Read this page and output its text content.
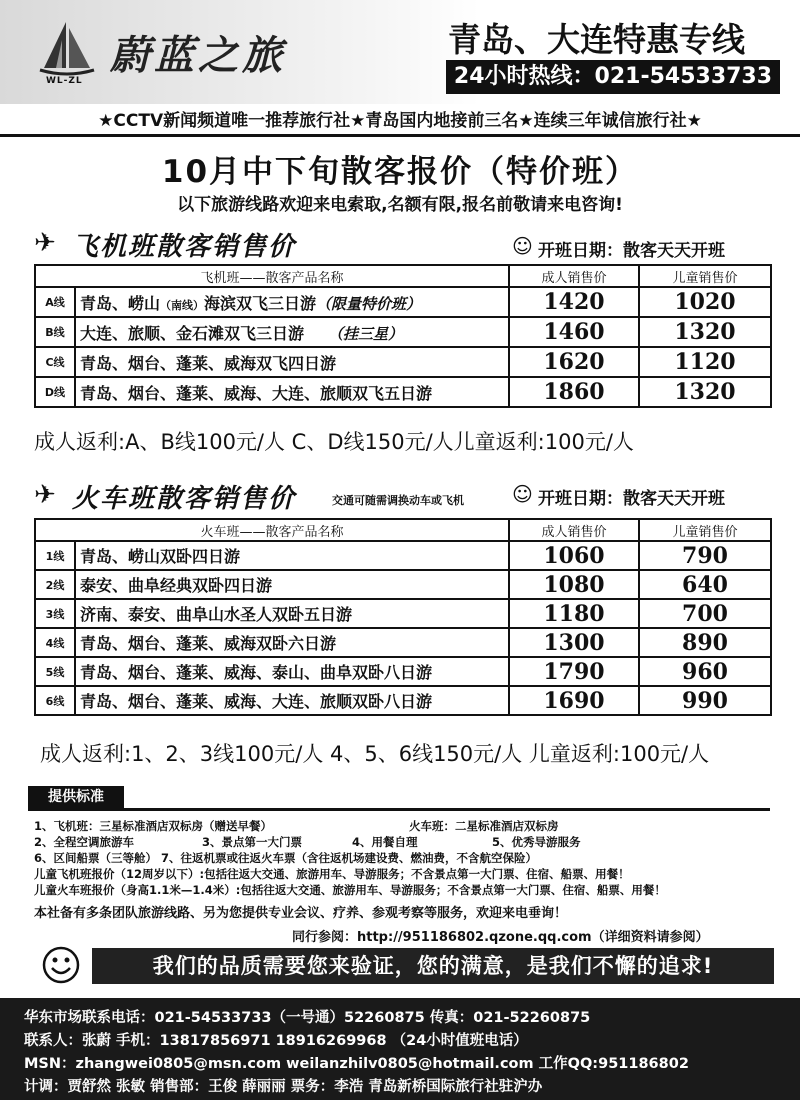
蔚蓝之旅
WL-ZL
青岛、大连特惠专线
24小时热线：021-54533733
★CCTV新闻频道唯一推荐旅行社★青岛国内地接前三名★连续三年诚信旅行社★
10月中下旬散客报价（特价班）
以下旅游线路欢迎来电索取,名额有限,报名前敬请来电咨询!
✈ 飞机班散客销售价	☺ 开班日期：散客天天开班
飞机班——散客产品名称		成人销售价	儿童销售价
A线	青岛、崂山（南线）海滨双飞三日游（限量特价班）	1420	1020
B线	大连、旅顺、金石滩双飞三日游 （挂三星）	1460	1320
C线	青岛、烟台、蓬莱、威海双飞四日游	1620	1120
D线	青岛、烟台、蓬莱、威海、大连、旅顺双飞五日游	1860	1320
成人返利:A、B线100元/人 C、D线150元/人儿童返利:100元/人
✈ 火车班散客销售价	交通可随需调换动车或飞机 ☺ 开班日期：散客天天开班
火车班——散客产品名称		成人销售价	儿童销售价
1线	青岛、崂山双卧四日游	1060	790
2线	泰安、曲阜经典双卧四日游	1080	640
3线	济南、泰安、曲阜山水圣人双卧五日游	1180	700
4线	青岛、烟台、蓬莱、威海双卧六日游	1300	890
5线	青岛、烟台、蓬莱、威海、泰山、曲阜双卧八日游	1790	960
6线	青岛、烟台、蓬莱、威海、大连、旅顺双卧八日游	1690	990
成人返利:1、2、3线100元/人 4、5、6线150元/人 儿童返利:100元/人
提供标准
1、飞机班：三星标准酒店双标房（赠送早餐）	火车班：二星标准酒店双标房
2、全程空调旅游车	3、景点第一大门票	4、用餐自理	5、优秀导游服务
6、区间船票（三等舱） 7、往返机票或往返火车票（含往返机场建设费、燃油费，不含航空保险）
儿童飞机班报价（12周岁以下）:包括往返大交通、旅游用车、导游服务；不含景点第一大门票、住宿、船票、用餐！
儿童火车班报价（身高1.1米—1.4米）:包括往返大交通、旅游用车、导游服务；不含景点第一大门票、住宿、船票、用餐！
本社备有多条团队旅游线路、另为您提供专业会议、疗养、参观考察等服务，欢迎来电垂询！
同行参阅：http://951186802.qzone.qq.com（详细资料请参阅）
我们的品质需要您来验证，您的满意，是我们不懈的追求!
华东市场联系电话：021-54533733（一号通）52260875 传真：021-52260875
联系人：张蔚 手机：13817856971 18916269968 （24小时值班电话）
MSN：zhangwei0805@msn.com weilanzhilv0805@hotmail.com 工作QQ:951186802
计调：贾舒然 张敏 销售部：王俊 薛丽丽 票务：李浩 青岛新桥国际旅行社驻沪办
